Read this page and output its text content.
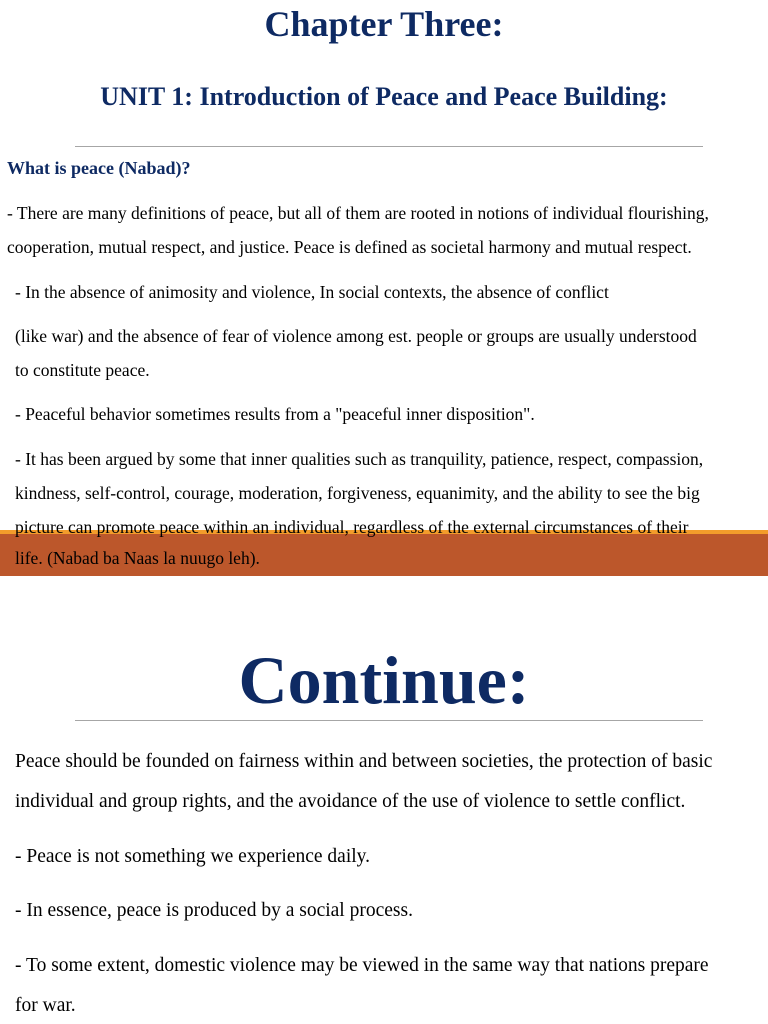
Chapter Three:
UNIT 1: Introduction of Peace and Peace Building:
What is peace (Nabad)?
- There are many definitions of peace, but all of them are rooted in notions of individual flourishing,
cooperation, mutual respect, and justice. Peace is defined as societal harmony and mutual respect.
- In the absence of animosity and violence, In social contexts, the absence of conflict
(like war) and the absence of fear of violence among est. people or groups are usually understood
to constitute peace.
- Peaceful behavior sometimes results from a "peaceful inner disposition".
- It has been argued by some that inner qualities such as tranquility, patience, respect, compassion,
kindness, self-control, courage, moderation, forgiveness, equanimity, and the ability to see the big
picture can promote peace within an individual, regardless of the external circumstances of their
life. (Nabad ba Naas la nuugo leh).
Continue:
Peace should be founded on fairness within and between societies, the protection of basic
individual and group rights, and the avoidance of the use of violence to settle conflict.
- Peace is not something we experience daily.
- In essence, peace is produced by a social process.
- To some extent, domestic violence may be viewed in the same way that nations prepare
for war.
